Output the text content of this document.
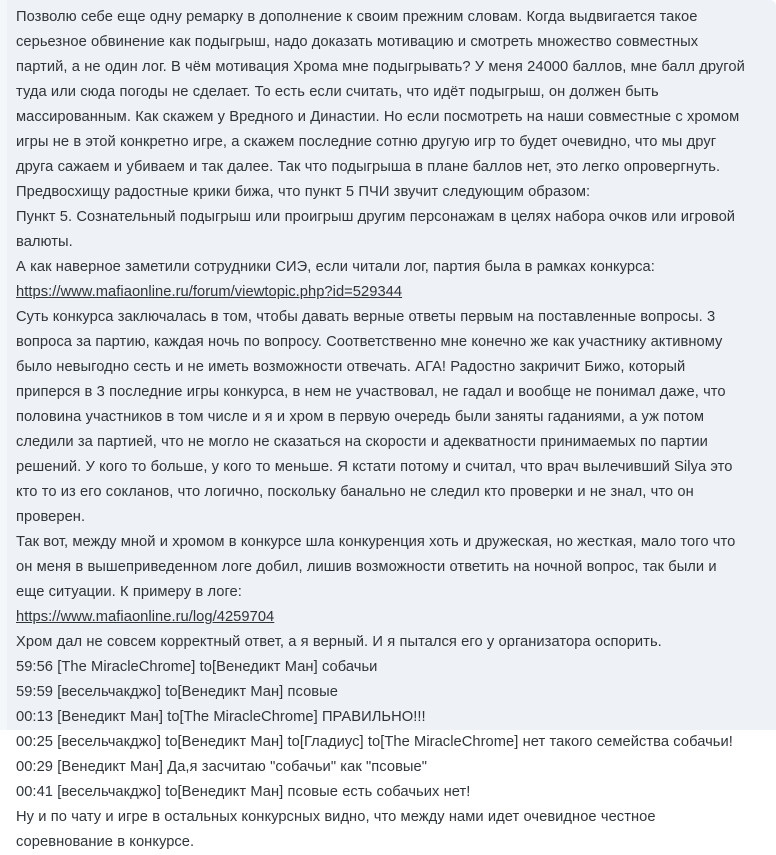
Позволю себе еще одну ремарку в дополнение к своим прежним словам. Когда выдвигается такое серьезное обвинение как подыгрыш, надо доказать мотивацию и смотреть множество совместных партий, а не один лог. В чём мотивация Хрома мне подыгрывать? У меня 24000 баллов, мне балл другой туда или сюда погоды не сделает. То есть если считать, что идёт подыгрыш, он должен быть массированным. Как скажем у Вредного и Династии. Но если посмотреть на наши совместные с хромом игры не в этой конкретно игре, а скажем последние сотню другую игр то будет очевидно, что мы друг друга сажаем и убиваем и так далее. Так что подыгрыша в плане баллов нет, это легко опровергнуть.

Предвосхищу радостные крики бижа, что пункт 5 ПЧИ звучит следующим образом:

Пункт 5. Сознательный подыгрыш или проигрыш другим персонажам в целях набора очков или игровой валюты.

А как наверное заметили сотрудники СИЭ, если читали лог, партия была в рамках конкурса:

https://www.mafiaonline.ru/forum/viewtopic.php?id=529344

Суть конкурса заключалась в том, чтобы давать верные ответы первым на поставленные вопросы. 3 вопроса за партию, каждая ночь по вопросу. Соответственно мне конечно же как участнику активному было невыгодно сесть и не иметь возможности отвечать. АГА! Радостно закричит Бижо, который приперся в 3 последние игры конкурса, в нем не участвовал, не гадал и вообще не понимал даже, что половина участников в том числе и я и хром в первую очередь были заняты гаданиями, а уж потом следили за партией, что не могло не сказаться на скорости и адекватности принимаемых по партии решений. У кого то больше, у кого то меньше. Я кстати потому и считал, что врач вылечивший Silya это кто то из его сокланов, что логично, поскольку банально не следил кто проверки и не знал, что он проверен.

Так вот, между мной и хромом в конкурсе шла конкуренция хоть и дружеская, но жесткая, мало того что он меня в вышеприведенном логе добил, лишив возможности ответить на ночной вопрос, так были и еще ситуации. К примеру в логе:

https://www.mafiaonline.ru/log/4259704

Хром дал не совсем корректный ответ, а я верный. И я пытался его у организатора оспорить.

59:56 [The MiracleChrome] to[Венедикт Ман] собачьи

59:59 [весельчакджо] to[Венедикт Ман] псовые

00:13 [Венедикт Ман] to[The MiracleChrome] ПРАВИЛЬНО!!!

00:25 [весельчакджо] to[Венедикт Ман] to[Гладиус] to[The MiracleChrome] нет такого семейства собачьи!

00:29 [Венедикт Ман] Да,я засчитаю "собачьи" как "псовые"

00:41 [весельчакджо] to[Венедикт Ман] псовые есть собачьих нет!

Ну и по чату и игре в остальных конкурсных видно, что между нами идет очевидное честное соревнование в конкурсе.
